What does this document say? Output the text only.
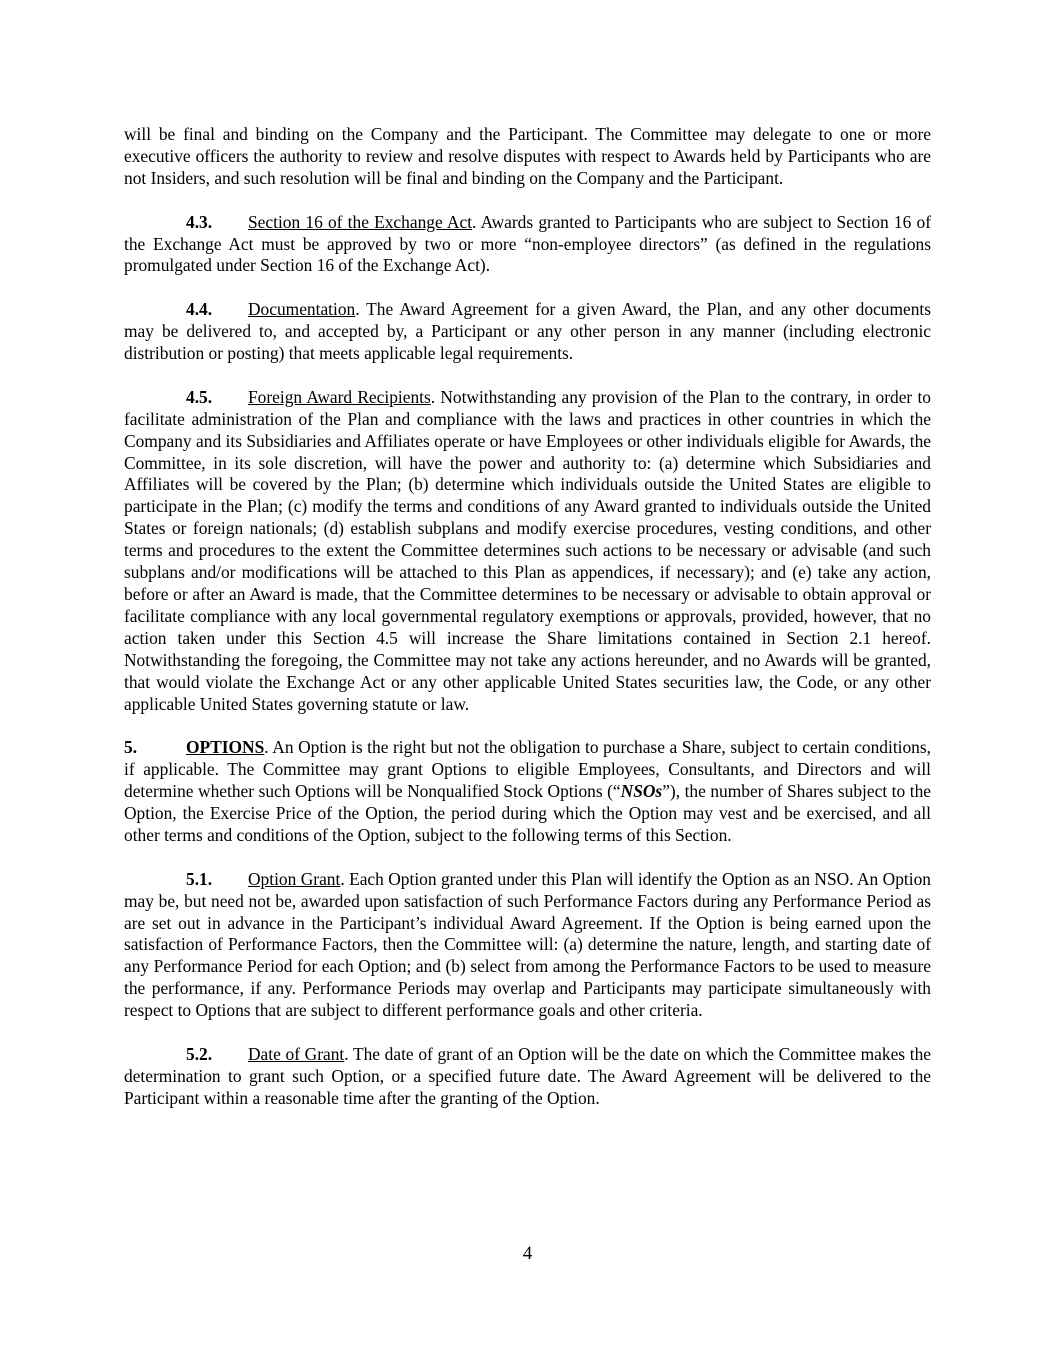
will be final and binding on the Company and the Participant. The Committee may delegate to one or more executive officers the authority to review and resolve disputes with respect to Awards held by Participants who are not Insiders, and such resolution will be final and binding on the Company and the Participant.

4.3. Section 16 of the Exchange Act. Awards granted to Participants who are subject to Section 16 of the Exchange Act must be approved by two or more “non-employee directors” (as defined in the regulations promulgated under Section 16 of the Exchange Act).

4.4. Documentation. The Award Agreement for a given Award, the Plan, and any other documents may be delivered to, and accepted by, a Participant or any other person in any manner (including electronic distribution or posting) that meets applicable legal requirements.

4.5. Foreign Award Recipients. Notwithstanding any provision of the Plan to the contrary, in order to facilitate administration of the Plan and compliance with the laws and practices in other countries in which the Company and its Subsidiaries and Affiliates operate or have Employees or other individuals eligible for Awards, the Committee, in its sole discretion, will have the power and authority to: (a) determine which Subsidiaries and Affiliates will be covered by the Plan; (b) determine which individuals outside the United States are eligible to participate in the Plan; (c) modify the terms and conditions of any Award granted to individuals outside the United States or foreign nationals; (d) establish subplans and modify exercise procedures, vesting conditions, and other terms and procedures to the extent the Committee determines such actions to be necessary or advisable (and such subplans and/or modifications will be attached to this Plan as appendices, if necessary); and (e) take any action, before or after an Award is made, that the Committee determines to be necessary or advisable to obtain approval or facilitate compliance with any local governmental regulatory exemptions or approvals, provided, however, that no action taken under this Section 4.5 will increase the Share limitations contained in Section 2.1 hereof. Notwithstanding the foregoing, the Committee may not take any actions hereunder, and no Awards will be granted, that would violate the Exchange Act or any other applicable United States securities law, the Code, or any other applicable United States governing statute or law.

5.	OPTIONS. An Option is the right but not the obligation to purchase a Share, subject to certain conditions, if applicable. The Committee may grant Options to eligible Employees, Consultants, and Directors and will determine whether such Options will be Nonqualified Stock Options (“NSOs”), the number of Shares subject to the Option, the Exercise Price of the Option, the period during which the Option may vest and be exercised, and all other terms and conditions of the Option, subject to the following terms of this Section.

5.1. Option Grant. Each Option granted under this Plan will identify the Option as an NSO. An Option may be, but need not be, awarded upon satisfaction of such Performance Factors during any Performance Period as are set out in advance in the Participant’s individual Award Agreement. If the Option is being earned upon the satisfaction of Performance Factors, then the Committee will: (a) determine the nature, length, and starting date of any Performance Period for each Option; and (b) select from among the Performance Factors to be used to measure the performance, if any. Performance Periods may overlap and Participants may participate simultaneously with respect to Options that are subject to different performance goals and other criteria.

5.2. Date of Grant. The date of grant of an Option will be the date on which the Committee makes the determination to grant such Option, or a specified future date. The Award Agreement will be delivered to the Participant within a reasonable time after the granting of the Option.

4
